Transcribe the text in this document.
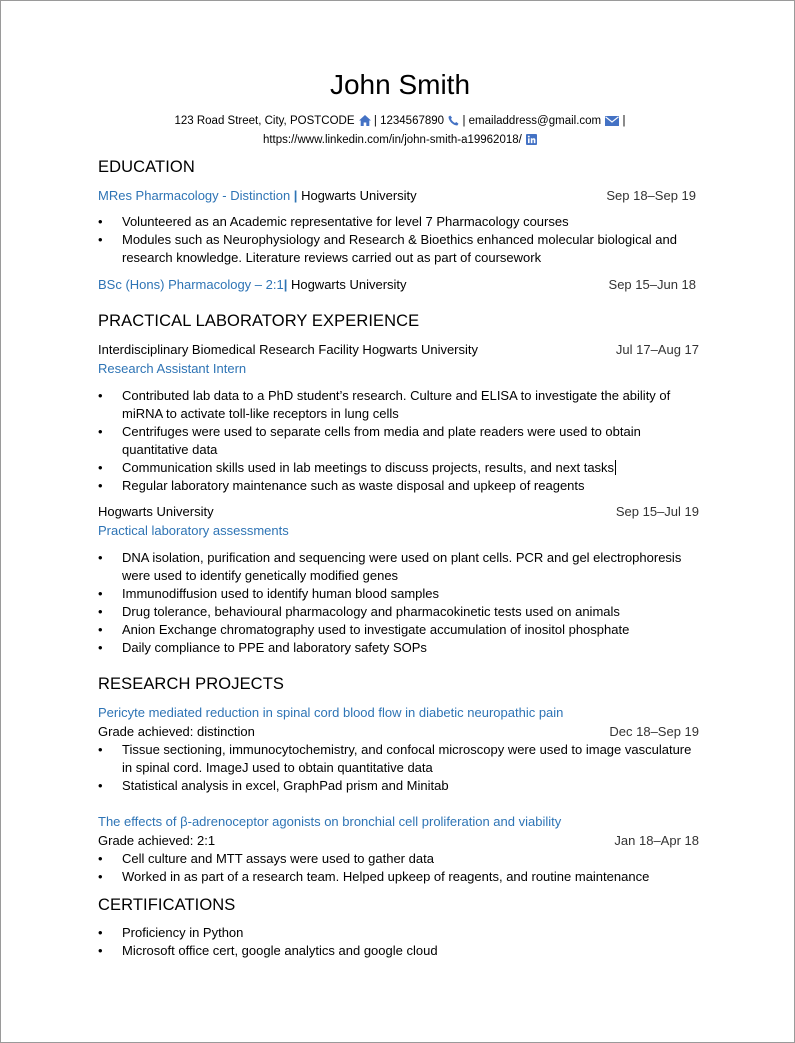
John Smith
123 Road Street, City, POSTCODE  | 1234567890  | emailaddress@gmail.com  |
https://www.linkedin.com/in/john-smith-a19962018/
EDUCATION
MRes Pharmacology - Distinction | Hogwarts University	Sep 18–Sep 19
• Volunteered as an Academic representative for level 7 Pharmacology courses
• Modules such as Neurophysiology and Research & Bioethics enhanced molecular biological and research knowledge. Literature reviews carried out as part of coursework
BSc (Hons) Pharmacology – 2:1| Hogwarts University	Sep 15–Jun 18
PRACTICAL LABORATORY EXPERIENCE
Interdisciplinary Biomedical Research Facility Hogwarts University	Jul 17–Aug 17
Research Assistant Intern
• Contributed lab data to a PhD student’s research. Culture and ELISA to investigate the ability of miRNA to activate toll-like receptors in lung cells
• Centrifuges were used to separate cells from media and plate readers were used to obtain quantitative data
• Communication skills used in lab meetings to discuss projects, results, and next tasks
• Regular laboratory maintenance such as waste disposal and upkeep of reagents
Hogwarts University	Sep 15–Jul 19
Practical laboratory assessments
• DNA isolation, purification and sequencing were used on plant cells. PCR and gel electrophoresis were used to identify genetically modified genes
• Immunodiffusion used to identify human blood samples
• Drug tolerance, behavioural pharmacology and pharmacokinetic tests used on animals
• Anion Exchange chromatography used to investigate accumulation of inositol phosphate
• Daily compliance to PPE and laboratory safety SOPs
RESEARCH PROJECTS
Pericyte mediated reduction in spinal cord blood flow in diabetic neuropathic pain
Grade achieved: distinction	Dec 18–Sep 19
• Tissue sectioning, immunocytochemistry, and confocal microscopy were used to image vasculature in spinal cord. ImageJ used to obtain quantitative data
• Statistical analysis in excel, GraphPad prism and Minitab
The effects of β-adrenoceptor agonists on bronchial cell proliferation and viability
Grade achieved: 2:1	Jan 18–Apr 18
• Cell culture and MTT assays were used to gather data
• Worked in as part of a research team. Helped upkeep of reagents, and routine maintenance
CERTIFICATIONS
• Proficiency in Python
• Microsoft office cert, google analytics and google cloud
